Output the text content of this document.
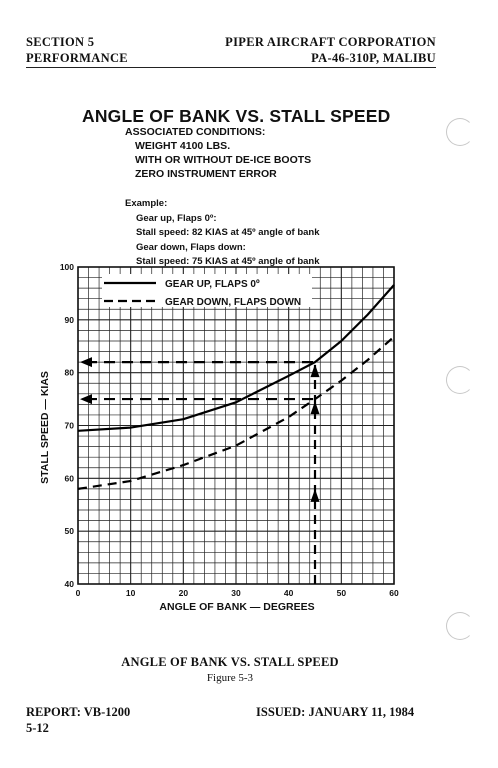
SECTION 5
PERFORMANCE
PIPER AIRCRAFT CORPORATION
PA-46-310P, MALIBU
ANGLE OF BANK VS. STALL SPEED
ASSOCIATED CONDITIONS:
WEIGHT 4100 LBS.
WITH OR WITHOUT DE-ICE BOOTS
ZERO INSTRUMENT ERROR
Example:
Gear up, Flaps 0º:
Stall speed: 82 KIAS at 45º angle of bank
Gear down, Flaps down:
Stall speed: 75 KIAS at 45º angle of bank
0	10	20	30	40	50	60
40
50
60
70
80
90
100
ANGLE OF BANK — DEGREES
STALL SPEED — KIAS
GEAR UP, FLAPS 0º
GEAR DOWN, FLAPS DOWN
ANGLE OF BANK VS. STALL SPEED
Figure 5-3
REPORT: VB-1200
5-12
ISSUED: JANUARY 11, 1984
